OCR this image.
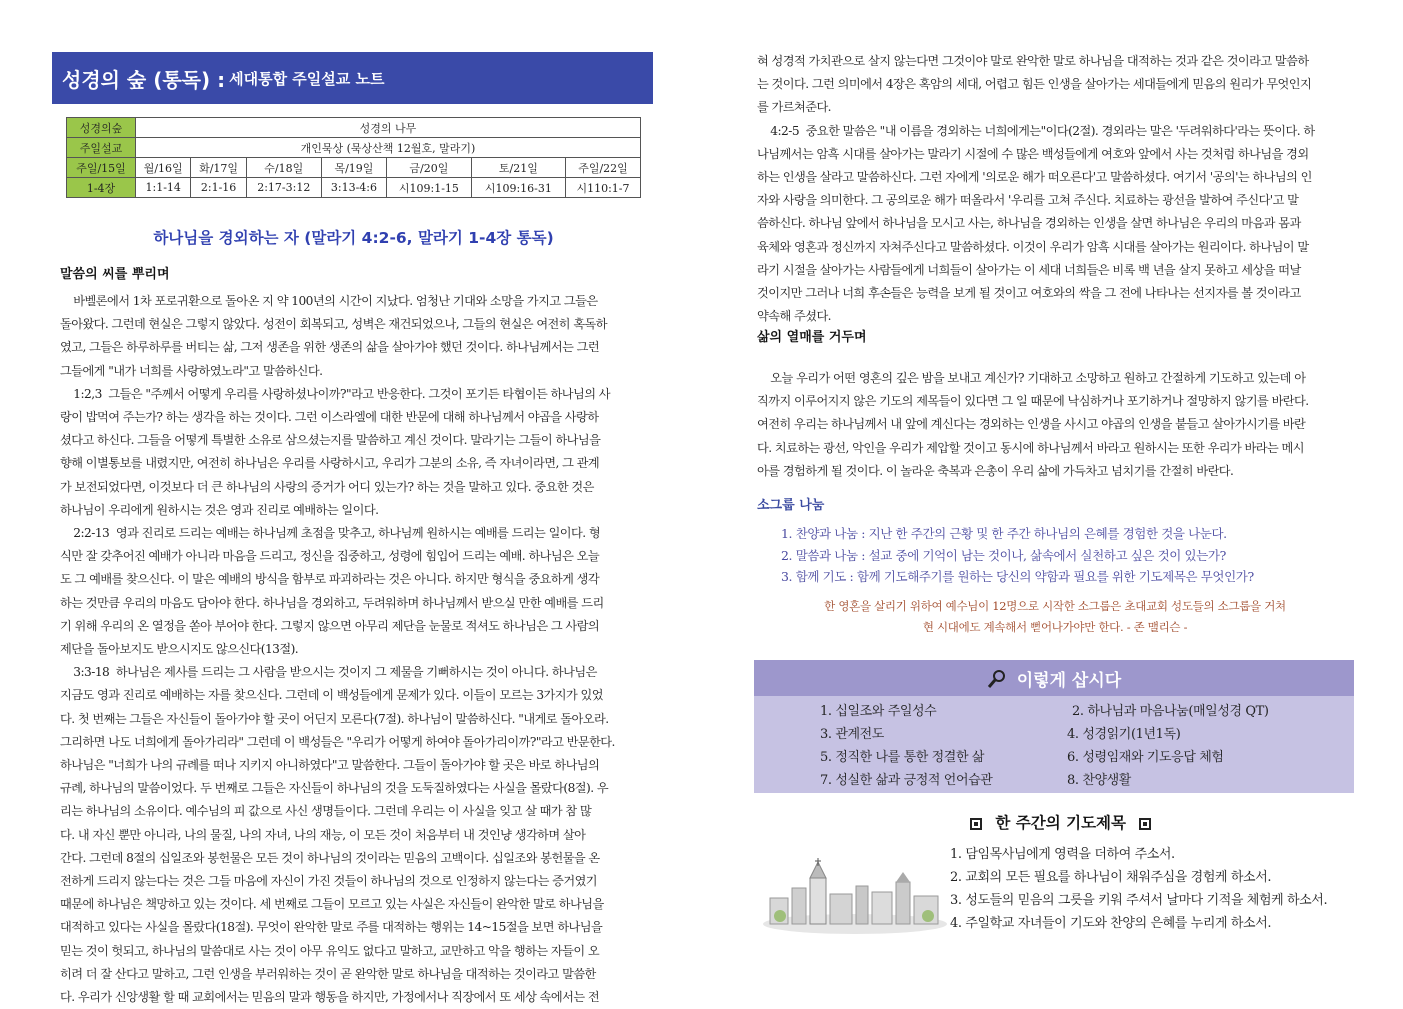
성경의 숲 (통독) : 세대통합 주일설교 노트
성경의숲	성경의 나무						
주일설교	개인묵상 (묵상산책 12월호, 말라기)						
주일/15일	월/16일	화/17일	수/18일	목/19일	금/20일	토/21일	주일/22일
1-4장	1:1-14	2:1-16	2:17-3:12	3:13-4:6	시109:1-15	시109:16-31	시110:1-7
하나님을 경외하는 자 (말라기 4:2-6, 말라기 1-4장 통독)
말씀의 씨를 뿌리며
바벨론에서 1차 포로귀환으로 돌아온 지 약 100년의 시간이 지났다. 엄청난 기대와 소망을 가지고 그들은
돌아왔다. 그런데 현실은 그렇지 않았다. 성전이 회복되고, 성벽은 재건되었으나, 그들의 현실은 여전히 혹독하
였고, 그들은 하루하루를 버티는 삶, 그저 생존을 위한 생존의 삶을 살아가야 했던 것이다. 하나님께서는 그런
그들에게 "내가 너희를 사랑하였노라"고 말씀하신다.
1:2,3  그들은 "주께서 어떻게 우리를 사랑하셨나이까?"라고 반응한다. 그것이 포기든 타협이든 하나님의 사
랑이 밥먹여 주는가? 하는 생각을 하는 것이다. 그런 이스라엘에 대한 반문에 대해 하나님께서 야곱을 사랑하
셨다고 하신다. 그들을 어떻게 특별한 소유로 삼으셨는지를 말씀하고 계신 것이다. 말라기는 그들이 하나님을
향해 이별통보를 내렸지만, 여전히 하나님은 우리를 사랑하시고, 우리가 그분의 소유, 즉 자녀이라면, 그 관계
가 보전되었다면, 이것보다 더 큰 하나님의 사랑의 증거가 어디 있는가? 하는 것을 말하고 있다. 중요한 것은
하나님이 우리에게 원하시는 것은 영과 진리로 예배하는 일이다.
2:2-13  영과 진리로 드리는 예배는 하나님께 초점을 맞추고, 하나님께 원하시는 예배를 드리는 일이다. 형
식만 잘 갖추어진 예배가 아니라 마음을 드리고, 정신을 집중하고, 성령에 힘입어 드리는 예배. 하나님은 오늘
도 그 예배를 찾으신다. 이 말은 예배의 방식을 함부로 파괴하라는 것은 아니다. 하지만 형식을 중요하게 생각
하는 것만큼 우리의 마음도 담아야 한다. 하나님을 경외하고, 두려워하며 하나님께서 받으실 만한 예배를 드리
기 위해 우리의 온 열정을 쏟아 부어야 한다. 그렇지 않으면 아무리 제단을 눈물로 적셔도 하나님은 그 사람의
제단을 돌아보지도 받으시지도 않으신다(13절).
3:3-18  하나님은 제사를 드리는 그 사람을 받으시는 것이지 그 제물을 기뻐하시는 것이 아니다. 하나님은
지금도 영과 진리로 예배하는 자를 찾으신다. 그런데 이 백성들에게 문제가 있다. 이들이 모르는 3가지가 있었
다. 첫 번째는 그들은 자신들이 돌아가야 할 곳이 어딘지 모른다(7절). 하나님이 말씀하신다. "내게로 돌아오라.
그리하면 나도 너희에게 돌아가리라" 그런데 이 백성들은 "우리가 어떻게 하여야 돌아가리이까?"라고 반문한다.
하나님은 "너희가 나의 규례를 떠나 지키지 아니하였다"고 말씀한다. 그들이 돌아가야 할 곳은 바로 하나님의
규례, 하나님의 말씀이었다. 두 번째로 그들은 자신들이 하나님의 것을 도둑질하였다는 사실을 몰랐다(8절). 우
리는 하나님의 소유이다. 예수님의 피 값으로 사신 생명들이다. 그런데 우리는 이 사실을 잊고 살 때가 참 많
다. 내 자신 뿐만 아니라, 나의 물질, 나의 자녀, 나의 재능, 이 모든 것이 처음부터 내 것인냥 생각하며 살아
간다. 그런데 8절의 십일조와 봉헌물은 모든 것이 하나님의 것이라는 믿음의 고백이다. 십일조와 봉헌물을 온
전하게 드리지 않는다는 것은 그들 마음에 자신이 가진 것들이 하나님의 것으로 인정하지 않는다는 증거였기
때문에 하나님은 책망하고 있는 것이다. 세 번째로 그들이 모르고 있는 사실은 자신들이 완악한 말로 하나님을
대적하고 있다는 사실을 몰랐다(18절). 무엇이 완악한 말로 주를 대적하는 행위는 14~15절을 보면 하나님을
믿는 것이 헛되고, 하나님의 말씀대로 사는 것이 아무 유익도 없다고 말하고, 교만하고 악을 행하는 자들이 오
히려 더 잘 산다고 말하고, 그런 인생을 부러워하는 것이 곧 완악한 말로 하나님을 대적하는 것이라고 말씀한
다. 우리가 신앙생활 할 때 교회에서는 믿음의 말과 행동을 하지만, 가정에서나 직장에서 또 세상 속에서는 전
혀 성경적 가치관으로 살지 않는다면 그것이야 말로 완악한 말로 하나님을 대적하는 것과 같은 것이라고 말씀하
는 것이다. 그런 의미에서 4장은 혹암의 세대, 어렵고 힘든 인생을 살아가는 세대들에게 믿음의 원리가 무엇인지
를 가르쳐준다.
4:2-5  중요한 말씀은 "내 이름을 경외하는 너희에게는"이다(2절). 경외라는 말은 '두려워하다'라는 뜻이다. 하
나님께서는 암흑 시대를 살아가는 말라기 시절에 수 많은 백성들에게 여호와 앞에서 사는 것처럼 하나님을 경외
하는 인생을 살라고 말씀하신다. 그런 자에게 '의로운 해가 떠오른다'고 말씀하셨다. 여기서 '공의'는 하나님의 인
자와 사랑을 의미한다. 그 공의로운 해가 떠올라서 '우리를 고쳐 주신다. 치료하는 광선을 발하여 주신다'고 말
씀하신다. 하나님 앞에서 하나님을 모시고 사는, 하나님을 경외하는 인생을 살면 하나님은 우리의 마음과 몸과
육체와 영혼과 정신까지 자쳐주신다고 말씀하셨다. 이것이 우리가 암흑 시대를 살아가는 원리이다. 하나님이 말
라기 시절을 살아가는 사람들에게 너희들이 살아가는 이 세대 너희들은 비록 백 년을 살지 못하고 세상을 떠날
것이지만 그러나 너희 후손들은 능력을 보게 될 것이고 여호와의 싹을 그 전에 나타나는 선지자를 볼 것이라고
약속해 주셨다.
삶의 열매를 거두며
오늘 우리가 어떤 영혼의 깊은 밤을 보내고 계신가? 기대하고 소망하고 원하고 간절하게 기도하고 있는데 아
직까지 이루어지지 않은 기도의 제목들이 있다면 그 일 때문에 낙심하거나 포기하거나 절망하지 않기를 바란다.
여전히 우리는 하나님께서 내 앞에 계신다는 경외하는 인생을 사시고 야곱의 인생을 붙들고 살아가시기를 바란
다. 치료하는 광선, 악인을 우리가 제압할 것이고 동시에 하나님께서 바라고 원하시는 또한 우리가 바라는 메시
아를 경험하게 될 것이다. 이 놀라운 축복과 은총이 우리 삶에 가득차고 넘치기를 간절히 바란다.
소그룹 나눔
1. 찬양과 나눔 : 지난 한 주간의 근황 및 한 주간 하나님의 은혜를 경험한 것을 나눈다.
2. 말씀과 나눔 : 설교 중에 기억이 남는 것이나, 삶속에서 실천하고 싶은 것이 있는가?
3. 함께 기도 : 함께 기도해주기를 원하는 당신의 약함과 필요를 위한 기도제목은 무엇인가?
한 영혼을 살리기 위하여 예수님이 12명으로 시작한 소그룹은 초대교회 성도들의 소그룹을 거쳐
현 시대에도 계속해서 뻗어나가야만 한다. - 존 맬리슨 -
이렇게 삽시다
1. 십일조와 주일성수	2. 하나님과 마음나눔(매일성경 QT)
3. 관계전도	4. 성경읽기(1년1독)
5. 정직한 나를 통한 정결한 삶	6. 성령임재와 기도응답 체험
7. 성실한 삶과 긍정적 언어습관	8. 찬양생활
한 주간의 기도제목
1. 담임목사님에게 영력을 더하여 주소서.
2. 교회의 모든 필요를 하나님이 채워주심을 경험케 하소서.
3. 성도들의 믿음의 그릇을 키워 주셔서 날마다 기적을 체험케 하소서.
4. 주일학교 자녀들이 기도와 찬양의 은혜를 누리게 하소서.
